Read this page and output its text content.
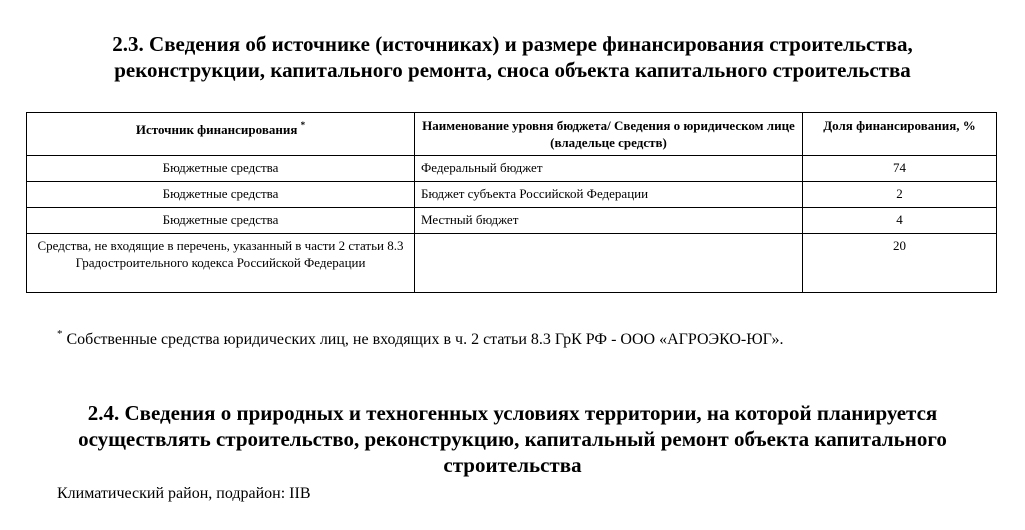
2.3. Сведения об источнике (источниках) и размере финансирования строительства,
реконструкции, капитального ремонта, сноса объекта капитального строительства
Источник финансирования *	Наименование уровня бюджета/ Сведения о юридическом лице (владельце средств)	Доля финансирования, %
Бюджетные средства	Федеральный бюджет	74
Бюджетные средства	Бюджет субъекта Российской Федерации	2
Бюджетные средства	Местный бюджет	4
Средства, не входящие в перечень, указанный в части 2 статьи 8.3 Градостроительного кодекса Российской Федерации		20

* Собственные средства юридических лиц, не входящих в ч. 2 статьи 8.3 ГрК РФ - ООО «АГРОЭКО-ЮГ».

2.4. Сведения о природных и техногенных условиях территории, на которой планируется
осуществлять строительство, реконструкцию, капитальный ремонт объекта капитального
строительства

Климатический район, подрайон: IIВ
